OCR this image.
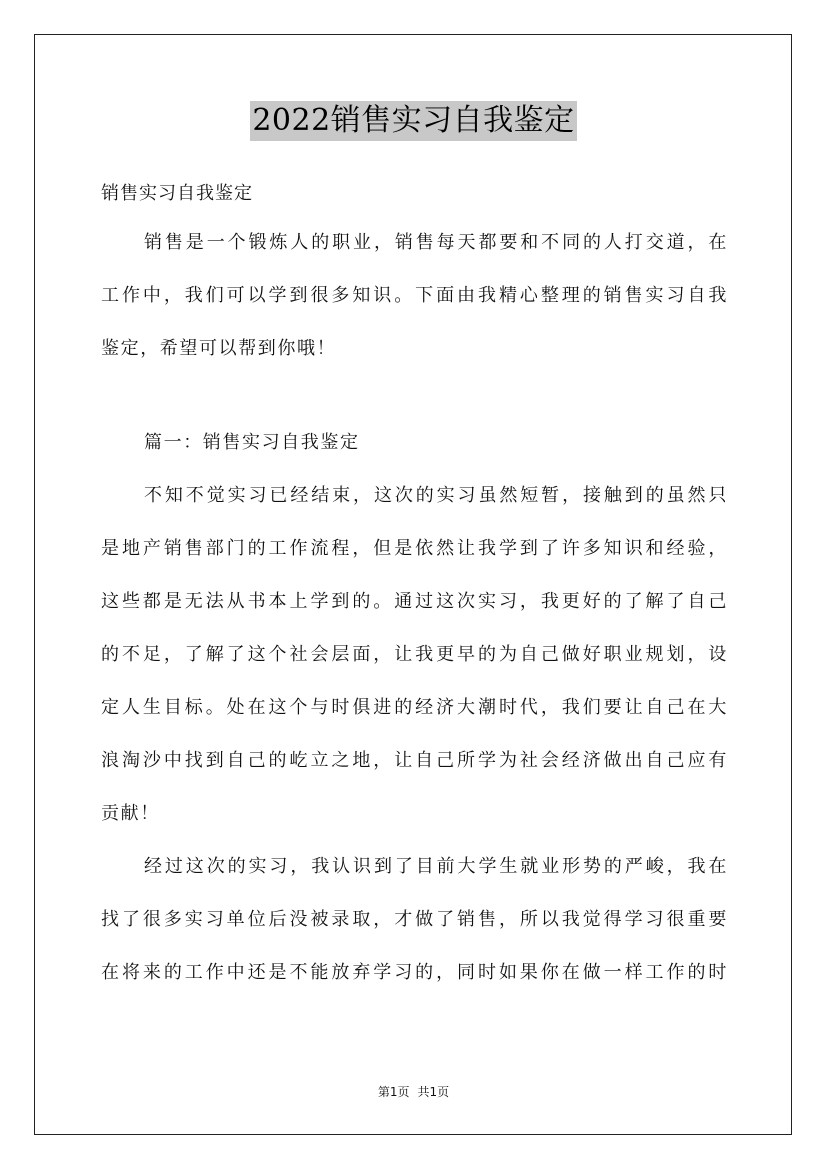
2022销售实习自我鉴定
销售实习自我鉴定
销售是一个锻炼人的职业，销售每天都要和不同的人打交道，在
工作中，我们可以学到很多知识。下面由我精心整理的销售实习自我
鉴定，希望可以帮到你哦！
篇一：销售实习自我鉴定
不知不觉实习已经结束，这次的实习虽然短暂，接触到的虽然只
是地产销售部门的工作流程，但是依然让我学到了许多知识和经验，
这些都是无法从书本上学到的。通过这次实习，我更好的了解了自己
的不足，了解了这个社会层面，让我更早的为自己做好职业规划，设
定人生目标。处在这个与时俱进的经济大潮时代，我们要让自己在大
浪淘沙中找到自己的屹立之地，让自己所学为社会经济做出自己应有
贡献！
经过这次的实习，我认识到了目前大学生就业形势的严峻，我在
找了很多实习单位后没被录取，才做了销售，所以我觉得学习很重要
在将来的工作中还是不能放弃学习的，同时如果你在做一样工作的时
第1页 共1页
